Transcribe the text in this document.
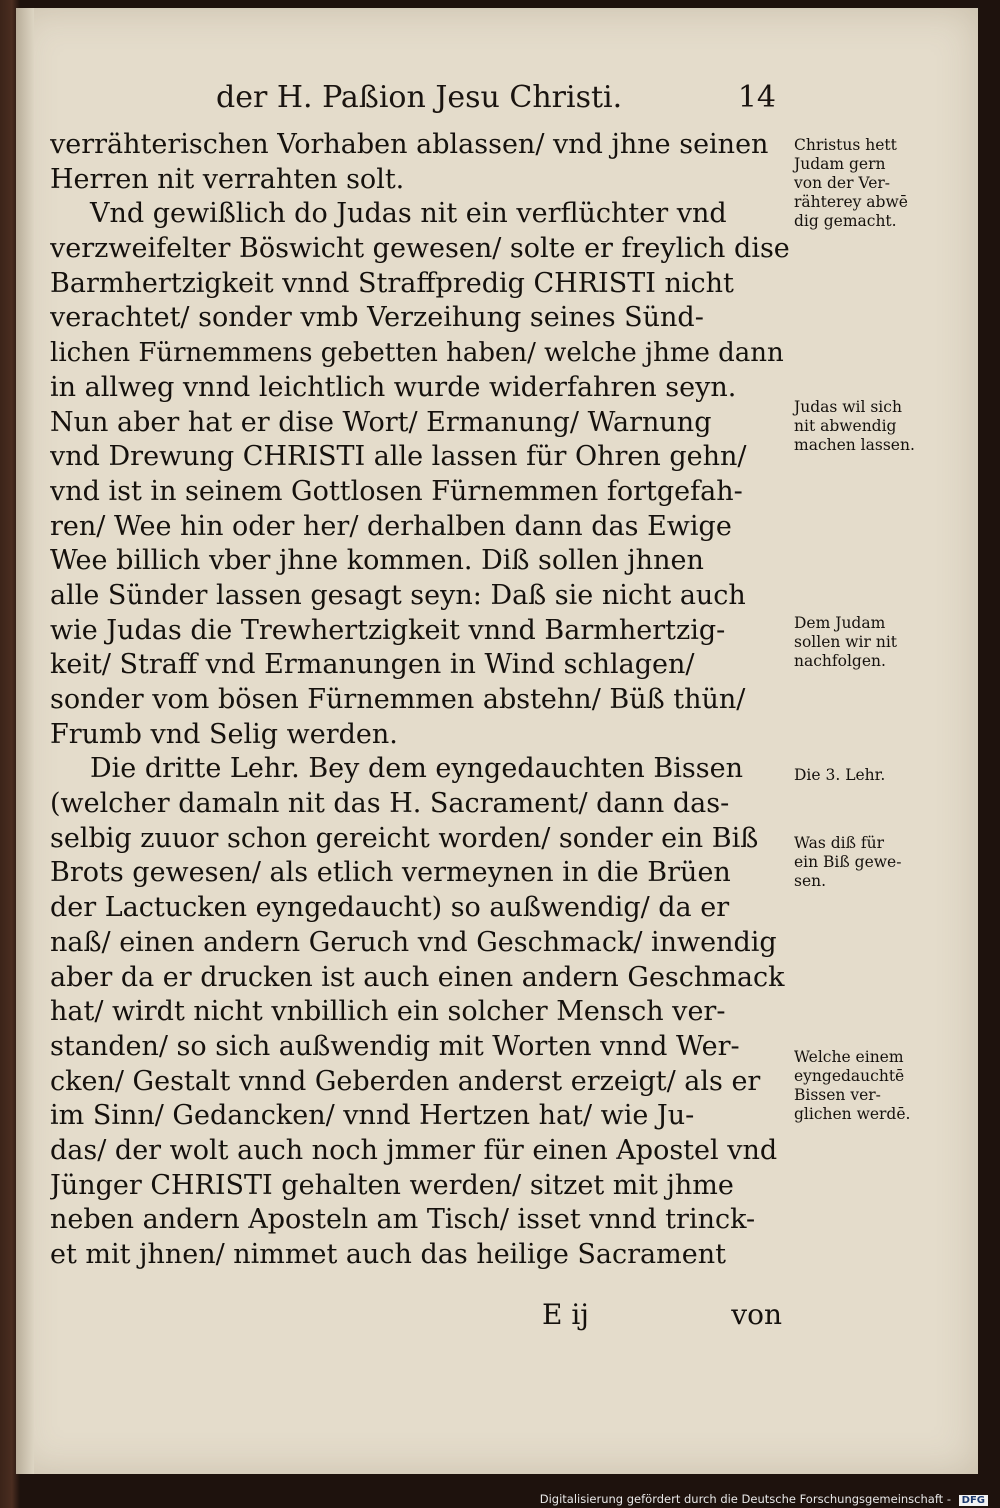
der H. Paßion Jesu Christi.	14
verrähterischen Vorhaben ablassen/ vnd jhne seinen
Herren nit verrahten solt.
Vnd gewißlich do Judas nit ein verflüchter vnd
verzweifelter Böswicht gewesen/ solte er freylich dise
Barmhertzigkeit vnnd Straffpredig CHRISTI nicht
verachtet/ sonder vmb Verzeihung seines Sünd-
lichen Fürnemmens gebetten haben/ welche jhme dann
in allweg vnnd leichtlich wurde widerfahren seyn.
Nun aber hat er dise Wort/ Ermanung/ Warnung
vnd Drewung CHRISTI alle lassen für Ohren gehn/
vnd ist in seinem Gottlosen Fürnemmen fortgefah-
ren/ Wee hin oder her/ derhalben dann das Ewige
Wee billich vber jhne kommen. Diß sollen jhnen
alle Sünder lassen gesagt seyn: Daß sie nicht auch
wie Judas die Trewhertzigkeit vnnd Barmhertzig-
keit/ Straff vnd Ermanungen in Wind schlagen/
sonder vom bösen Fürnemmen abstehn/ Büß thün/
Frumb vnd Selig werden.
Die dritte Lehr. Bey dem eyngedauchten Bissen
(welcher damaln nit das H. Sacrament/ dann das-
selbig zuuor schon gereicht worden/ sonder ein Biß
Brots gewesen/ als etlich vermeynen in die Brüen
der Lactucken eyngedaucht) so außwendig/ da er
naß/ einen andern Geruch vnd Geschmack/ inwendig
aber da er drucken ist auch einen andern Geschmack
hat/ wirdt nicht vnbillich ein solcher Mensch ver-
standen/ so sich außwendig mit Worten vnnd Wer-
cken/ Gestalt vnnd Geberden anderst erzeigt/ als er
im Sinn/ Gedancken/ vnnd Hertzen hat/ wie Ju-
das/ der wolt auch noch jmmer für einen Apostel vnd
Jünger CHRISTI gehalten werden/ sitzet mit jhme
neben andern Aposteln am Tisch/ isset vnnd trinck-
et mit jhnen/ nimmet auch das heilige Sacrament
Christus hett
Judam gern
von der Ver-
rähterey abwē
dig gemacht.
Judas wil sich
nit abwendig
machen lassen.
Dem Judam
sollen wir nit
nachfolgen.
Die 3. Lehr.
Was diß für
ein Biß gewe-
sen.
Welche einem
eyngedauchtē
Bissen ver-
glichen werdē.
E ij	von
Digitalisierung gefördert durch die Deutsche Forschungsgemeinschaft - DFG
